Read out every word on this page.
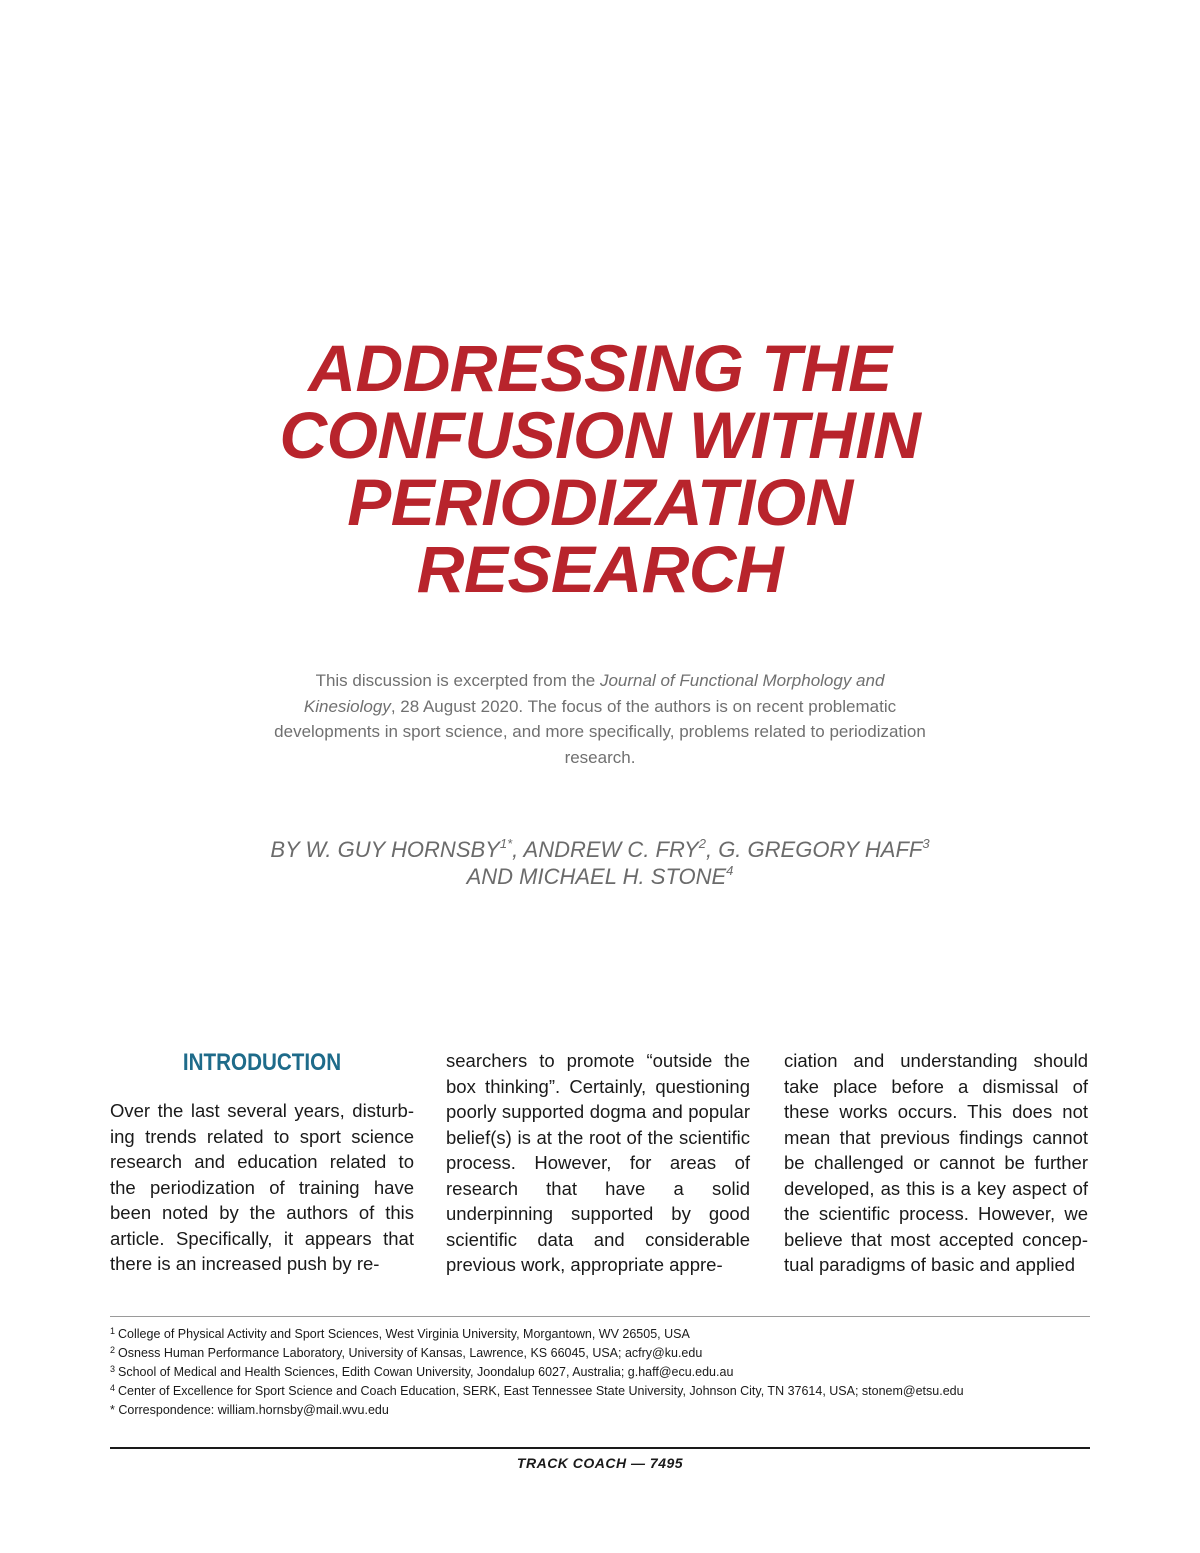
ADDRESSING THE
CONFUSION WITHIN
PERIODIZATION
RESEARCH
This discussion is excerpted from the Journal of Functional Morphology and Kinesiology, 28 August 2020. The focus of the authors is on recent problematic developments in sport science, and more specifically, problems related to periodization research.
BY W. GUY $HORNSBY^{1*}$, ANDREW C. FRY$^2$, G. GREGORY HAFF$^3$
AND MICHAEL H. STONE$^4$
INTRODUCTION

Over the last several years, disturbing trends related to sport science research and education related to the periodization of training have been noted by the authors of this article. Specifically, it appears that there is an increased push by re-

searchers to promote “outside the box thinking”. Certainly, questioning poorly supported dogma and popular belief(s) is at the root of the scientific process. However, for areas of research that have a solid underpinning supported by good scientific data and considerable previous work, appropriate appre-

ciation and understanding should take place before a dismissal of these works occurs. This does not mean that previous findings cannot be challenged or cannot be further developed, as this is a key aspect of the scientific process. However, we believe that most accepted conceptual paradigms of basic and applied

$^1$ College of Physical Activity and Sport Sciences, West Virginia University, Morgantown, WV 26505, USA
$^2$ Osness Human Performance Laboratory, University of Kansas, Lawrence, KS 66045, USA; acfry@ku.edu
$^3$ School of Medical and Health Sciences, Edith Cowan University, Joondalup 6027, Australia; g.haff@ecu.edu.au
$^4$ Center of Excellence for Sport Science and Coach Education, SERK, East Tennessee State University, Johnson City, TN 37614, USA; stonem@etsu.edu
* Correspondence: william.hornsby@mail.wvu.edu
TRACK COACH — 7495
